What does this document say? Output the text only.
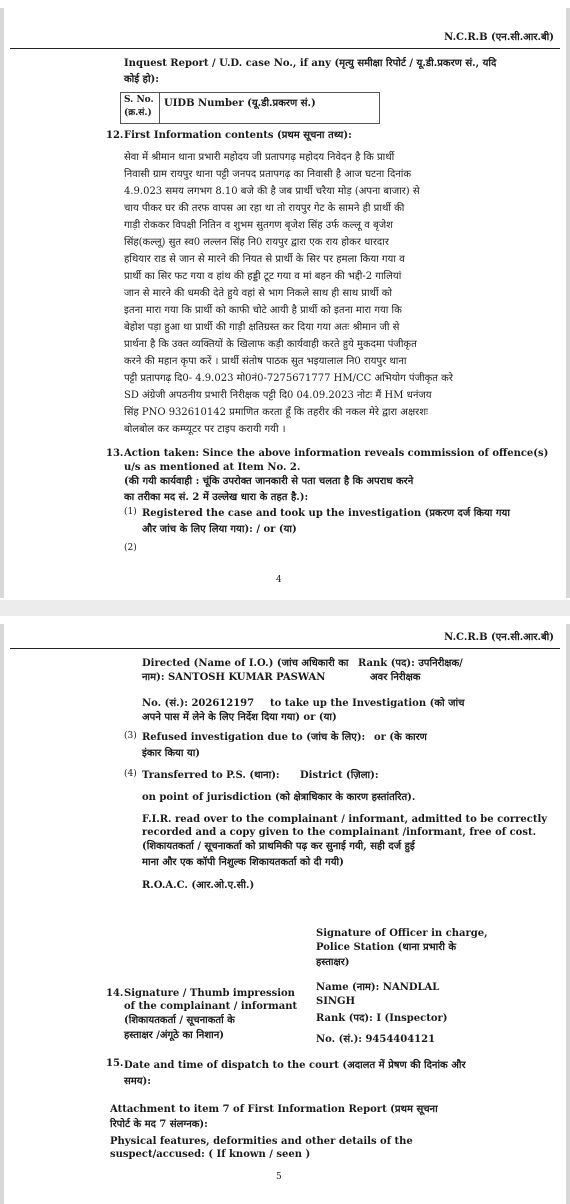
N.C.R.B (एन.सी.आर.बी)
Inquest Report / U.D. case No., if any (मृत्यु समीक्षा रिपोर्ट / यू.डी.प्रकरण सं., यदि
कोई हो):
S. No.
(क्र.सं.)
UIDB Number (यू.डी.प्रकरण सं.)
12. First Information contents (प्रथम सूचना तथ्य):
सेवा में श्रीमान थाना प्रभारी महोदय जी प्रतापगढ़ महोदय निवेदन है कि प्रार्थी
निवासी ग्राम रायपुर थाना पट्टी जनपद प्रतापगढ़ का निवासी है आज घटना दिनांक
4.9.023 समय लगभग 8.10 बजे की है जब प्रार्थी चरैया मोड़ (अपना बाजार) से
चाय पीकर घर की तरफ वापस आ रहा था तो रायपुर गेट के सामने ही प्रार्थी की
गाड़ी रोककर विपक्षी नितिन व शुभम सुतगण बृजेश सिंह उर्फ कल्लू व बृजेश
सिंह(कल्लू) सुत स्व0 लल्लन सिंह नि0 रायपुर द्वारा एक राय होकर धारदार
हथियार राड से जान से मारने की नियत से प्रार्थी के सिर पर हमला किया गया व
प्रार्थी का सिर फट गया व हांथ की हड्डी टूट गया व मां बहन की भद्दी-2 गालियां
जान से मारने की धमकी देते हुये वहां से भाग निकले साथ ही साथ प्रार्थी को
इतना मारा गया कि प्रार्थी को काफी चोटे आयी है प्रार्थी को इतना मारा गया कि
बेहोश पड़ा हुआ था प्रार्थी की गाड़ी क्षतिग्रस्त कर दिया गया अतः श्रीमान जी से
प्रार्थना है कि उक्त व्यक्तियों के खिलाफ कड़ी कार्यवाही करते हुये मुकदमा पंजीकृत
करने की महान कृपा करें । प्रार्थी संतोष पाठक सुत भइयालाल नि0 रायपुर थाना
पट्टी प्रतापगढ़ दि0- 4.9.023 मो0नं0-7275671777 HM/CC अभियोग पंजीकृत करे
SD अंग्रेजी अपठनीय प्रभारी निरीक्षक पट्टी दि0 04.09.2023 नोटः मैं HM धनंजय
सिंह PNO 932610142 प्रमाणित करता हूँ कि तहरीर की नकल मेरे द्वारा अक्षरशः
बोलबोल कर कम्प्यूटर पर टाइप करायी गयी ।
13. Action taken: Since the above information reveals commission of offence(s)
u/s as mentioned at Item No. 2.
(की गयी कार्यवाही : चूंकि उपरोक्त जानकारी से पता चलता है कि अपराध करने
का तरीका मद सं. 2 में उल्लेख धारा के तहत है.):
(1) Registered the case and took up the investigation (प्रकरण दर्ज किया गया
और जांच के लिए लिया गया): / or (या)
(2)
4
N.C.R.B (एन.सी.आर.बी)
Directed (Name of I.O.) (जांच अधिकारी का
नाम): SANTOSH KUMAR PASWAN
Rank (पद): उपनिरीक्षक/
अवर निरीक्षक
No. (सं.): 202612197 to take up the Investigation (को जांच
अपने पास में लेने के लिए निर्देश दिया गया) or (या)
(3) Refused investigation due to (जांच के लिए): or (के कारण
इंकार किया या)
(4) Transferred to P.S. (थाना): District (ज़िला):
on point of jurisdiction (को क्षेत्राधिकार के कारण हस्तांतरित).
F.I.R. read over to the complainant / informant, admitted to be correctly
recorded and a copy given to the complainant /informant, free of cost.
(शिकायतकर्ता / सूचनाकर्ता को प्राथमिकी पढ़ कर सुनाई गयी, सही दर्ज हुई
माना और एक कॉपी निशुल्क शिकायतकर्ता को दी गयी)
R.O.A.C. (आर.ओ.ए.सी.)
Signature of Officer in charge,
Police Station (थाना प्रभारी के
हस्ताक्षर)
14. Signature / Thumb impression
of the complainant / informant
(शिकायतकर्ता / सूचनाकर्ता के
हस्ताक्षर /अंगूठे का निशान)
Name (नाम): NANDLAL
SINGH
Rank (पद): I (Inspector)
No. (सं.): 9454404121
15. Date and time of dispatch to the court (अदालत में प्रेषण की दिनांक और
समय):
Attachment to item 7 of First Information Report (प्रथम सूचना
रिपोर्ट के मद 7 संलग्नक):
Physical features, deformities and other details of the
suspect/accused: ( If known / seen )
5
